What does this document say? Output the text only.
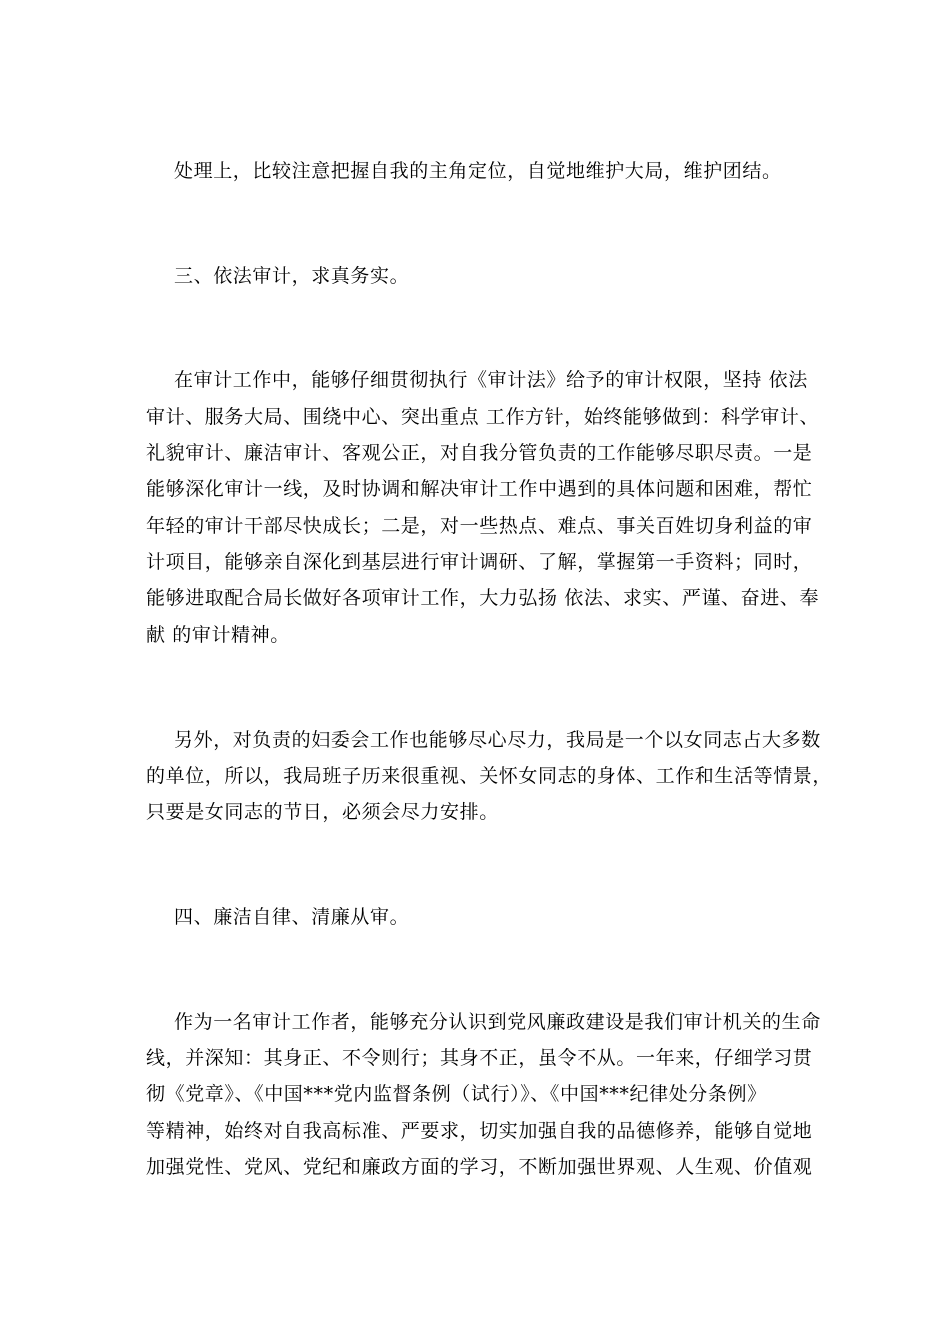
处理上，比较注意把握自我的主角定位，自觉地维护大局，维护团结。
三、依法审计，求真务实。
在审计工作中，能够仔细贯彻执行《审计法》给予的审计权限，坚持 依法
审计、服务大局、围绕中心、突出重点 工作方针，始终能够做到：科学审计、
礼貌审计、廉洁审计、客观公正，对自我分管负责的工作能够尽职尽责。一是
能够深化审计一线，及时协调和解决审计工作中遇到的具体问题和困难，帮忙
年轻的审计干部尽快成长；二是，对一些热点、难点、事关百姓切身利益的审
计项目，能够亲自深化到基层进行审计调研、了解，掌握第一手资料；同时，
能够进取配合局长做好各项审计工作，大力弘扬 依法、求实、严谨、奋进、奉
献 的审计精神。
另外，对负责的妇委会工作也能够尽心尽力，我局是一个以女同志占大多数
的单位，所以，我局班子历来很重视、关怀女同志的身体、工作和生活等情景，
只要是女同志的节日，必须会尽力安排。
四、廉洁自律、清廉从审。
作为一名审计工作者，能够充分认识到党风廉政建设是我们审计机关的生命
线，并深知：其身正、不令则行；其身不正，虽令不从。一年来，仔细学习贯
彻《党章》、《中国***党内监督条例（试行）》、《中国***纪律处分条例》
等精神，始终对自我高标准、严要求，切实加强自我的品德修养，能够自觉地
加强党性、党风、党纪和廉政方面的学习，不断加强世界观、人生观、价值观
